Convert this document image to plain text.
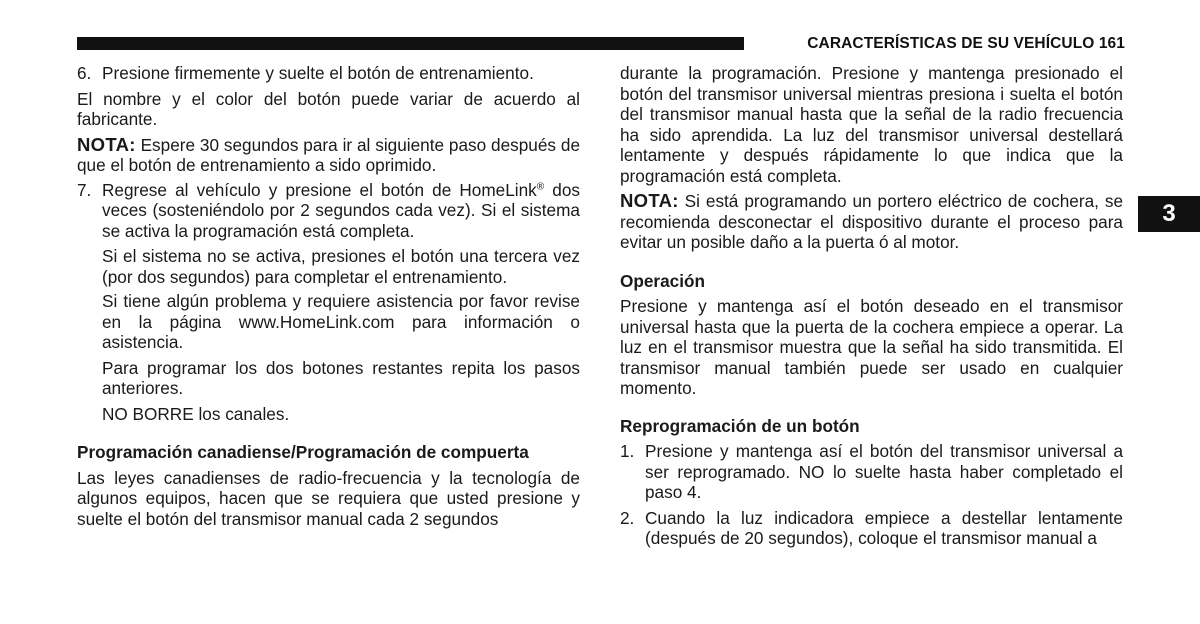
CARACTERÍSTICAS DE SU VEHÍCULO 161
6. Presione firmemente y suelte el botón de entrenamiento.

El nombre y el color del botón puede variar de acuerdo al fabricante.

NOTA: Espere 30 segundos para ir al siguiente paso después de que el botón de entrenamiento a sido oprimido.

7. Regrese al vehículo y presione el botón de HomeLink® dos veces (sosteniéndolo por 2 segundos cada vez). Si el sistema se activa la programación está completa.

Si el sistema no se activa, presiones el botón una tercera vez (por dos segundos) para completar el entrenamiento.

Si tiene algún problema y requiere asistencia por favor revise en la página www.HomeLink.com para información o asistencia.

Para programar los dos botones restantes repita los pasos anteriores.

NO BORRE los canales.

Programación canadiense/Programación de compuerta

Las leyes canadienses de radio-frecuencia y la tecnología de algunos equipos, hacen que se requiera que usted presione y suelte el botón del transmisor manual cada 2 segundos

durante la programación. Presione y mantenga presionado el botón del transmisor universal mientras presiona i suelta el botón del transmisor manual hasta que la señal de la radio frecuencia ha sido aprendida. La luz del transmisor universal destellará lentamente y después rápidamente lo que indica que la programación está completa.

NOTA: Si está programando un portero eléctrico de cochera, se recomienda desconectar el dispositivo durante el proceso para evitar un posible daño a la puerta ó al motor.

Operación

Presione y mantenga así el botón deseado en el transmisor universal hasta que la puerta de la cochera empiece a operar. La luz en el transmisor muestra que la señal ha sido transmitida. El transmisor manual también puede ser usado en cualquier momento.

Reprogramación de un botón
1. Presione y mantenga así el botón del transmisor universal a ser reprogramado. NO lo suelte hasta haber completado el paso 4.
2. Cuando la luz indicadora empiece a destellar lentamente (después de 20 segundos), coloque el transmisor manual a
3
